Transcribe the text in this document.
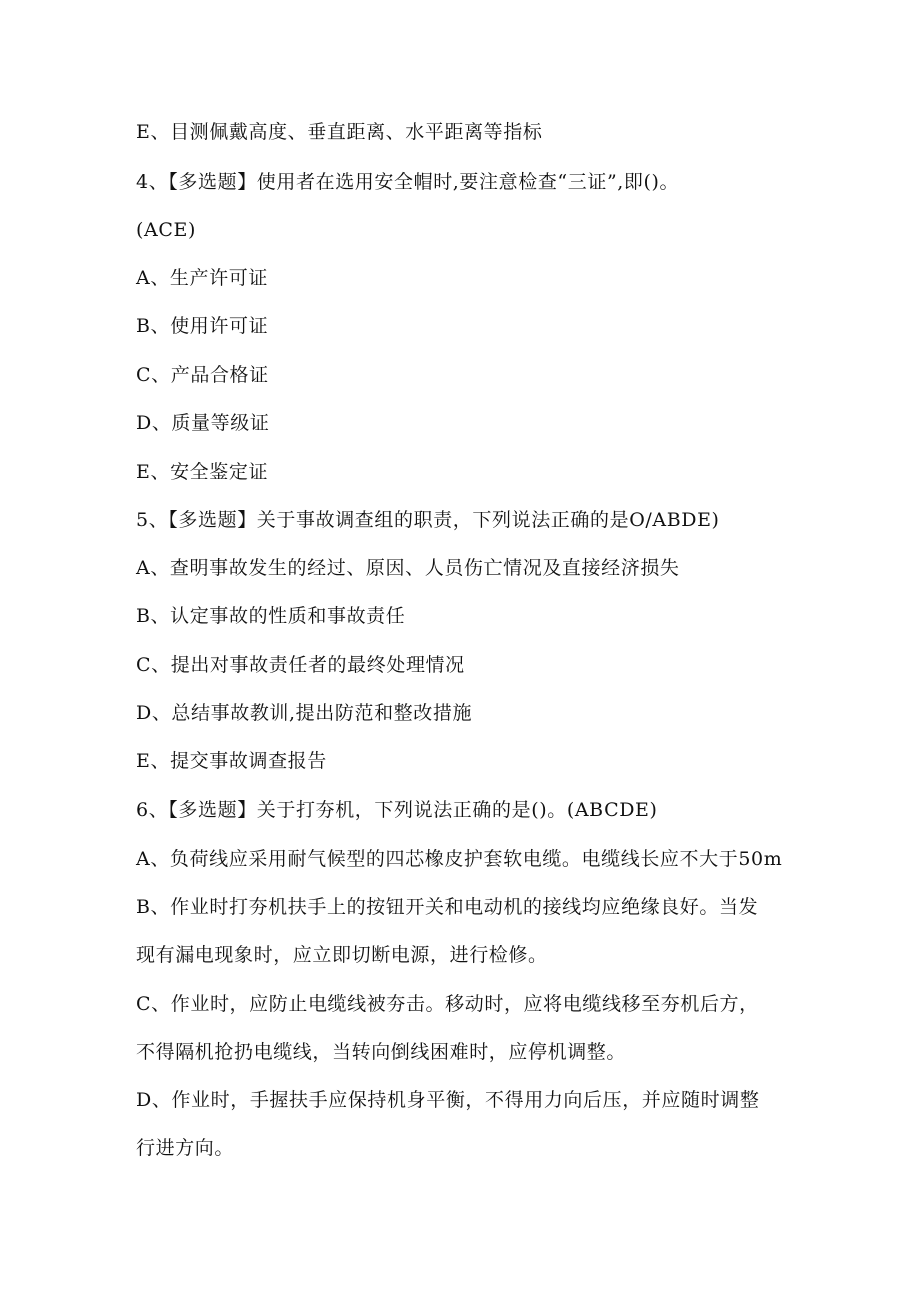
E、目测佩戴高度、垂直距离、水平距离等指标
4、【多选题】使用者在选用安全帽时,要注意检查“三证”,即()。
(ACE)
A、生产许可证
B、使用许可证
C、产品合格证
D、质量等级证
E、安全鉴定证
5、【多选题】关于事故调查组的职责，下列说法正确的是O/ABDE)
A、查明事故发生的经过、原因、人员伤亡情况及直接经济损失
B、认定事故的性质和事故责任
C、提出对事故责任者的最终处理情况
D、总结事故教训,提出防范和整改措施
E、提交事故调查报告
6、【多选题】关于打夯机，下列说法正确的是()。(ABCDE)
A、负荷线应采用耐气候型的四芯橡皮护套软电缆。电缆线长应不大于50m
B、作业时打夯机扶手上的按钮开关和电动机的接线均应绝缘良好。当发
现有漏电现象时，应立即切断电源，进行检修。
C、作业时，应防止电缆线被夯击。移动时，应将电缆线移至夯机后方，
不得隔机抢扔电缆线，当转向倒线困难时，应停机调整。
D、作业时，手握扶手应保持机身平衡，不得用力向后压，并应随时调整
行进方向。
